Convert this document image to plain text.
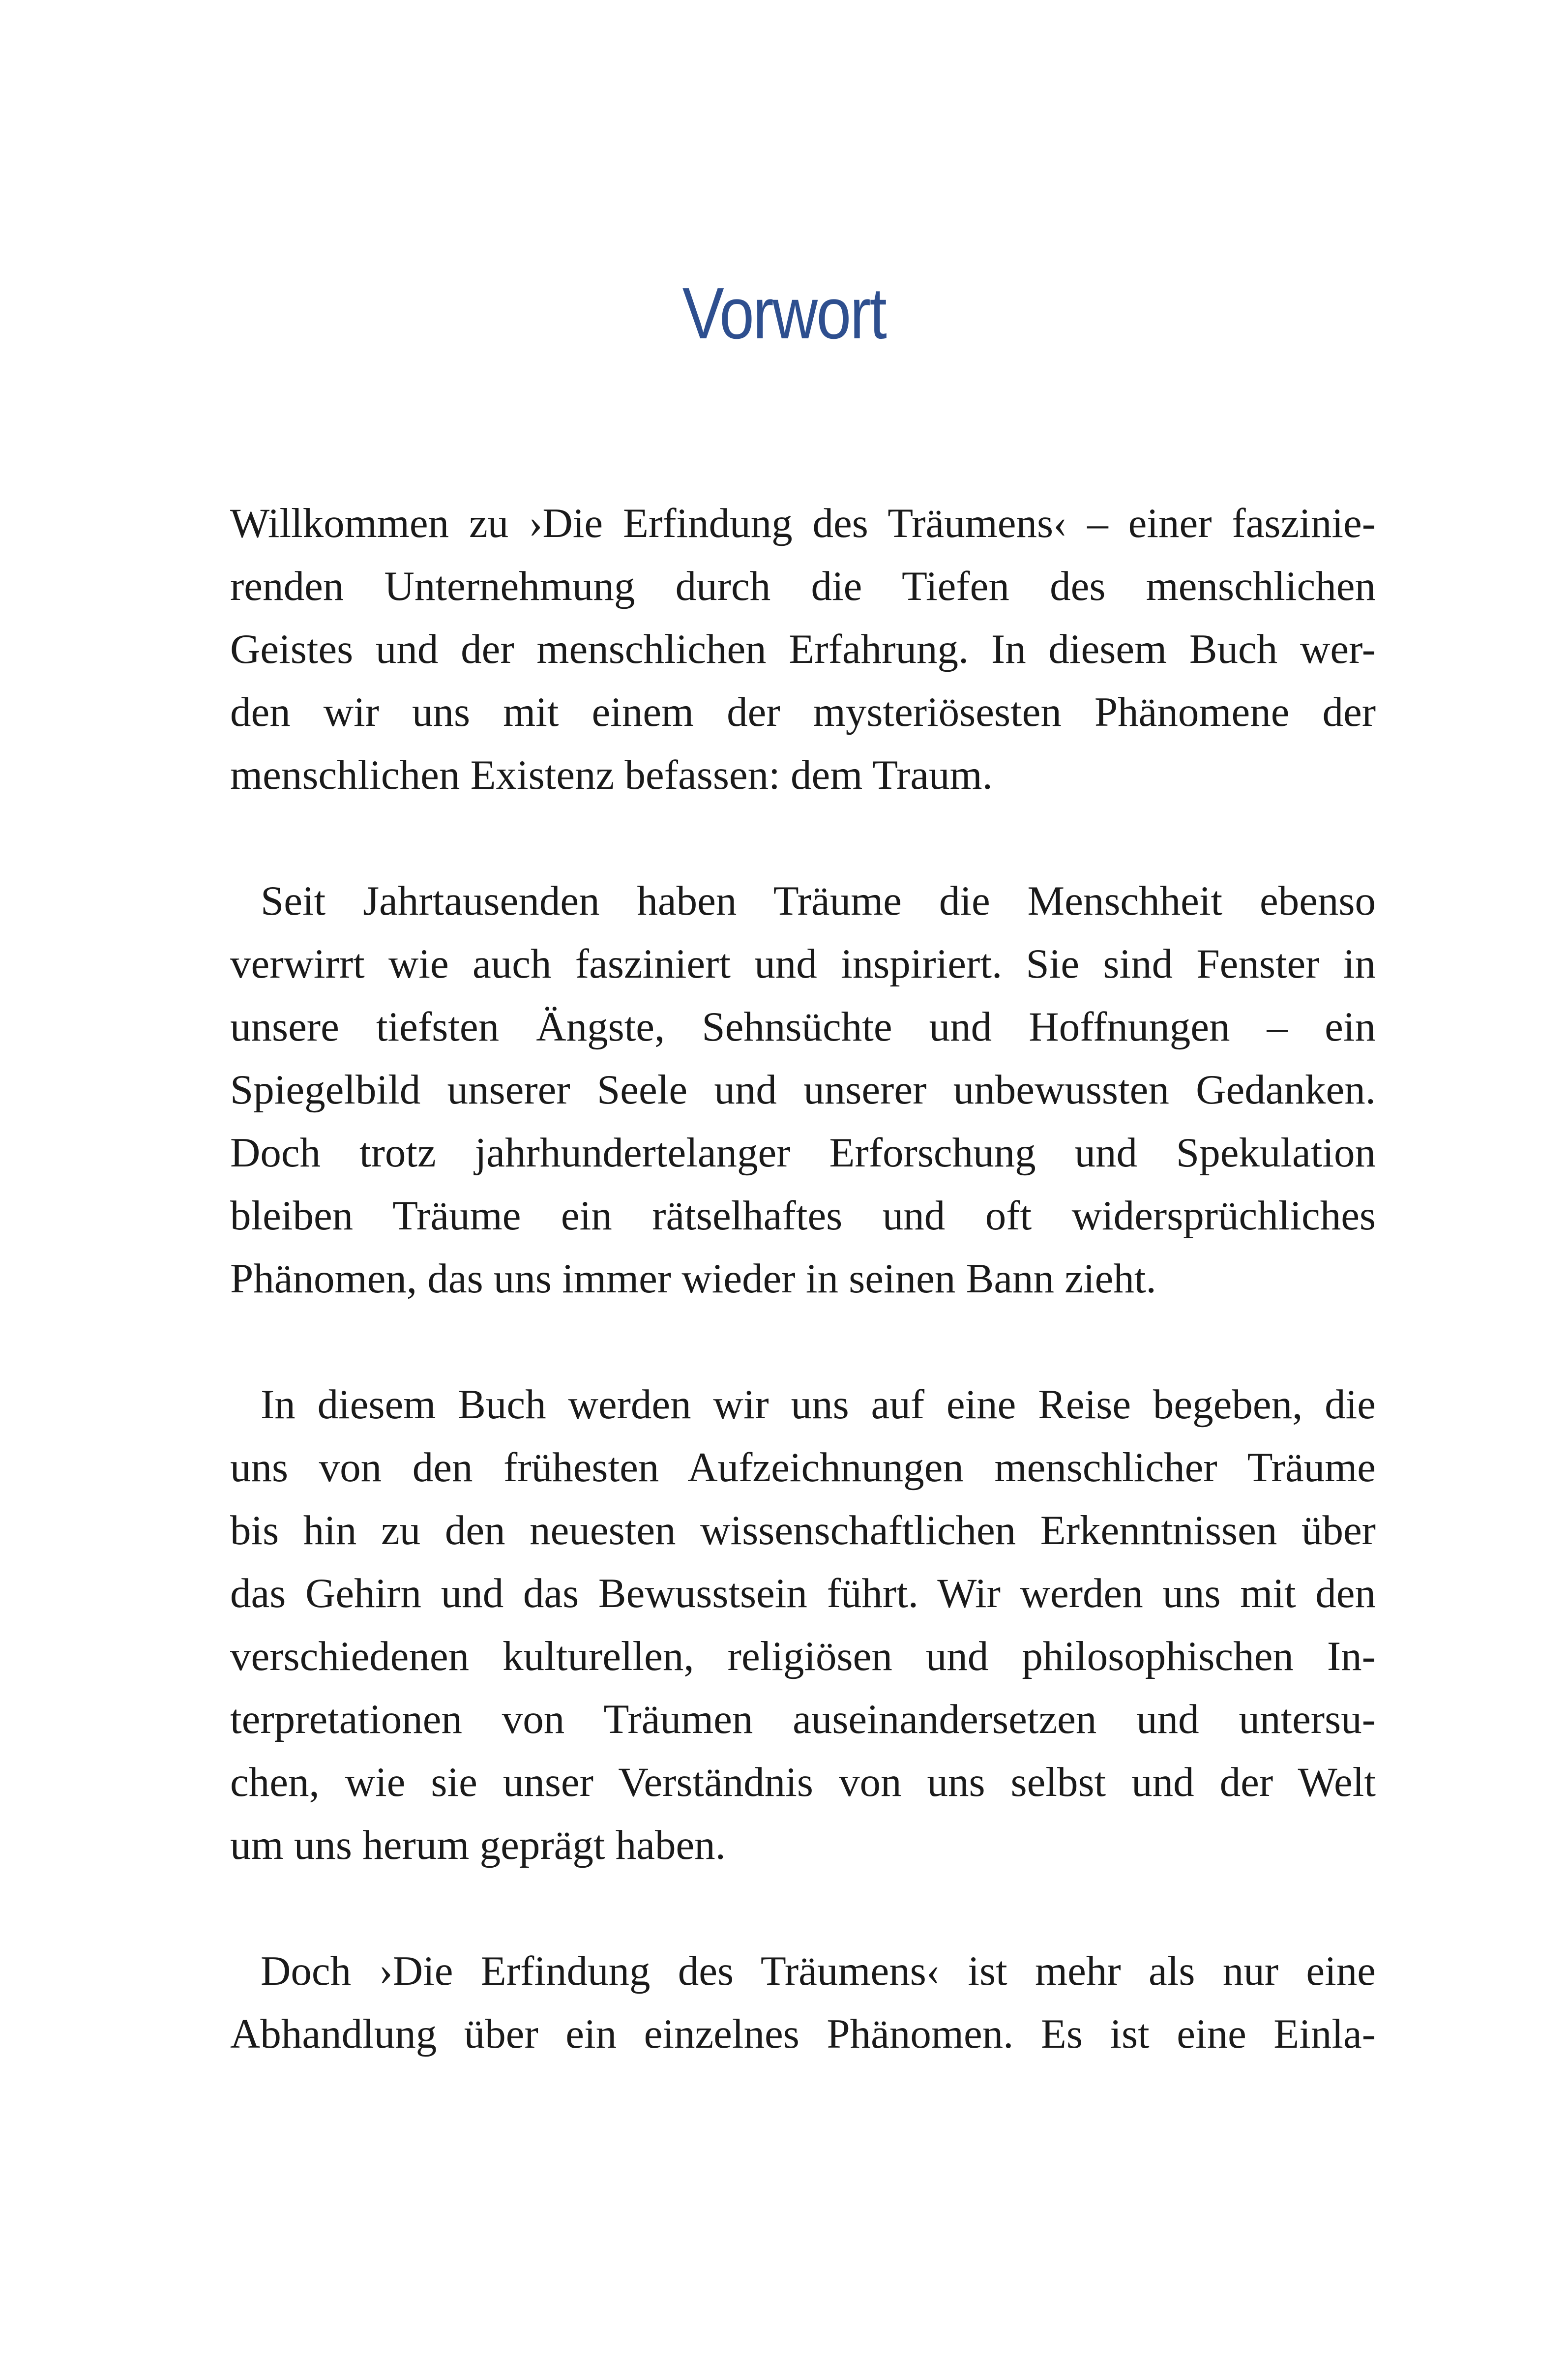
Vorwort

Willkommen zu ›Die Erfindung des Träumens‹ – einer faszinie-
renden Unternehmung durch die Tiefen des menschlichen
Geistes und der menschlichen Erfahrung. In diesem Buch wer-
den wir uns mit einem der mysteriösesten Phänomene der
menschlichen Existenz befassen: dem Traum.

Seit Jahrtausenden haben Träume die Menschheit ebenso
verwirrt wie auch fasziniert und inspiriert. Sie sind Fenster in
unsere tiefsten Ängste, Sehnsüchte und Hoffnungen – ein
Spiegelbild unserer Seele und unserer unbewussten Gedanken.
Doch trotz jahrhundertelanger Erforschung und Spekulation
bleiben Träume ein rätselhaftes und oft widersprüchliches
Phänomen, das uns immer wieder in seinen Bann zieht.

In diesem Buch werden wir uns auf eine Reise begeben, die
uns von den frühesten Aufzeichnungen menschlicher Träume
bis hin zu den neuesten wissenschaftlichen Erkenntnissen über
das Gehirn und das Bewusstsein führt. Wir werden uns mit den
verschiedenen kulturellen, religiösen und philosophischen In-
terpretationen von Träumen auseinandersetzen und untersu-
chen, wie sie unser Verständnis von uns selbst und der Welt
um uns herum geprägt haben.

Doch ›Die Erfindung des Träumens‹ ist mehr als nur eine
Abhandlung über ein einzelnes Phänomen. Es ist eine Einla-
